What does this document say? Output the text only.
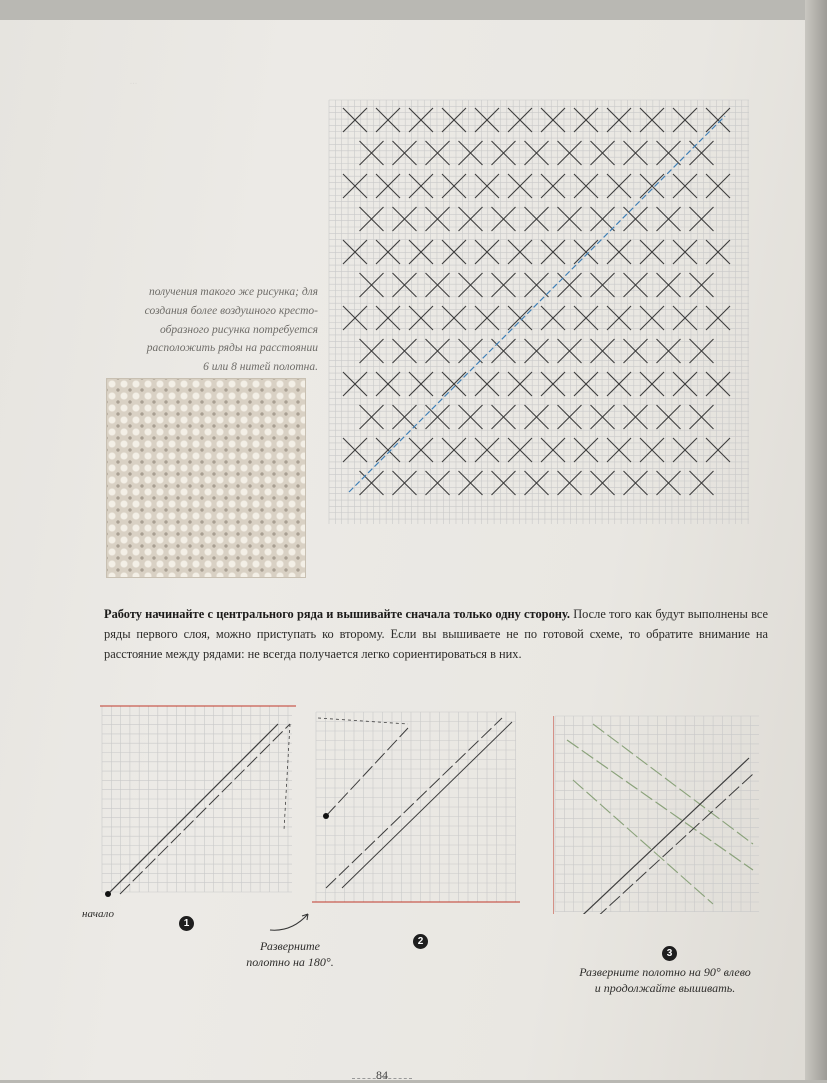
...

получения такого же рисунка; для
создания более воздушного кресто-
образного рисунка потребуется
расположить ряды на расстоянии
6 или 8 нитей полотна.
Работу начинайте с центрального ряда и вышивайте сначала только одну сторону. После того как будут выполнены все ряды первого слоя, можно приступать ко второму. Если вы вышиваете не по готовой схеме, то обратите внимание на расстояние между рядами: не всегда получается легко сориентироваться в них.
начало
1
Разверните
полотно на 180°.
2
3
Разверните полотно на 90° влево
и продолжайте вышивать.
84
